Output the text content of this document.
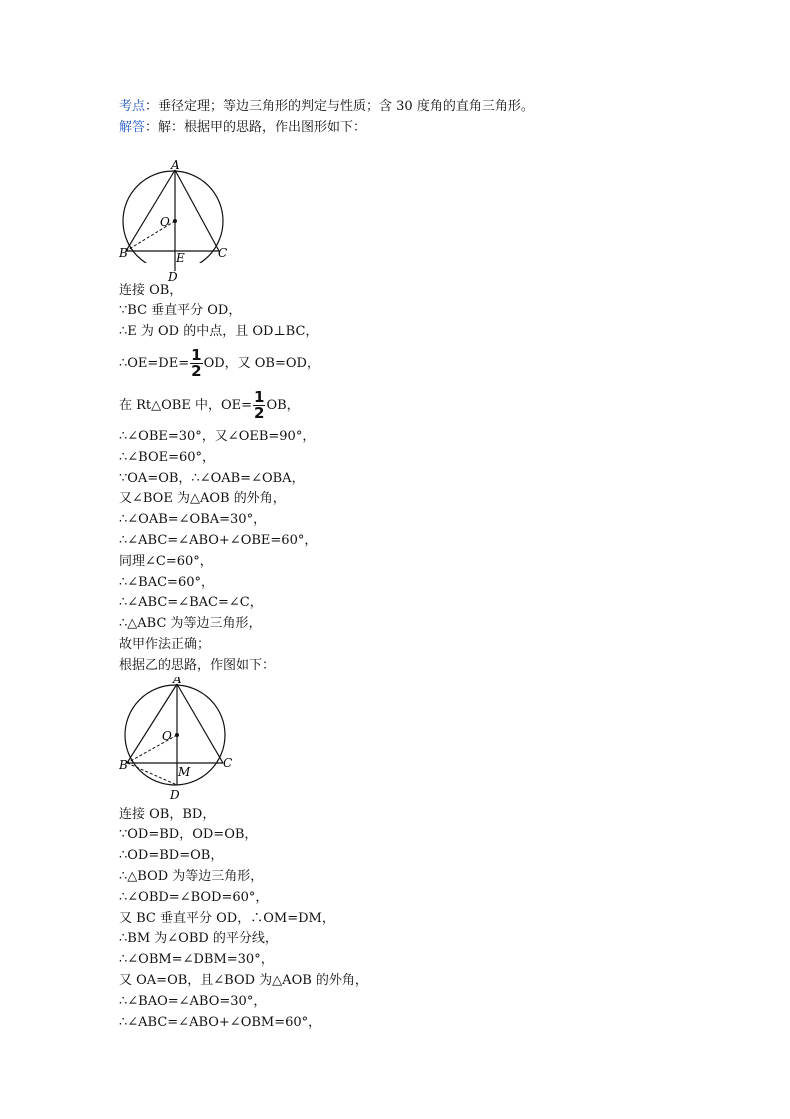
考点：垂径定理；等边三角形的判定与性质；含 30 度角的直角三角形。
解答：解：根据甲的思路，作出图形如下：
A
O
B	C
E
D
连接 OB，
∵BC 垂直平分 OD，
∴E 为 OD 的中点，且 OD⊥BC，
∴OE=DE= $\frac{1}{2}$ OD，又 OB=OD，
在 Rt△OBE 中，$OE= \frac{1}{2}$ OB，
∴∠OBE=30°，又∠OEB=90°，
∴∠BOE=60°，
∵OA=OB，∴∠OAB=∠OBA，
又∠BOE 为△AOB 的外角，
∴∠OAB=∠OBA=30°，
∴∠ABC=∠ABO+∠OBE=60°，
同理∠C=60°，
∴∠BAC=60°，
∴∠ABC=∠BAC=∠C，
∴△ABC 为等边三角形，
故甲作法正确；
根据乙的思路，作图如下：
A
O
B	C
M
D
连接 OB，BD，
∵OD=BD，OD=OB，
∴OD=BD=OB，
∴△BOD 为等边三角形，
∴∠OBD=∠BOD=60°，
又 BC 垂直平分 OD，∴OM=DM，
∴BM 为∠OBD 的平分线，
∴∠OBM=∠DBM=30°，
又 OA=OB，且∠BOD 为△AOB 的外角，
∴∠BAO=∠ABO=30°，
∴∠ABC=∠ABO+∠OBM=60°，
